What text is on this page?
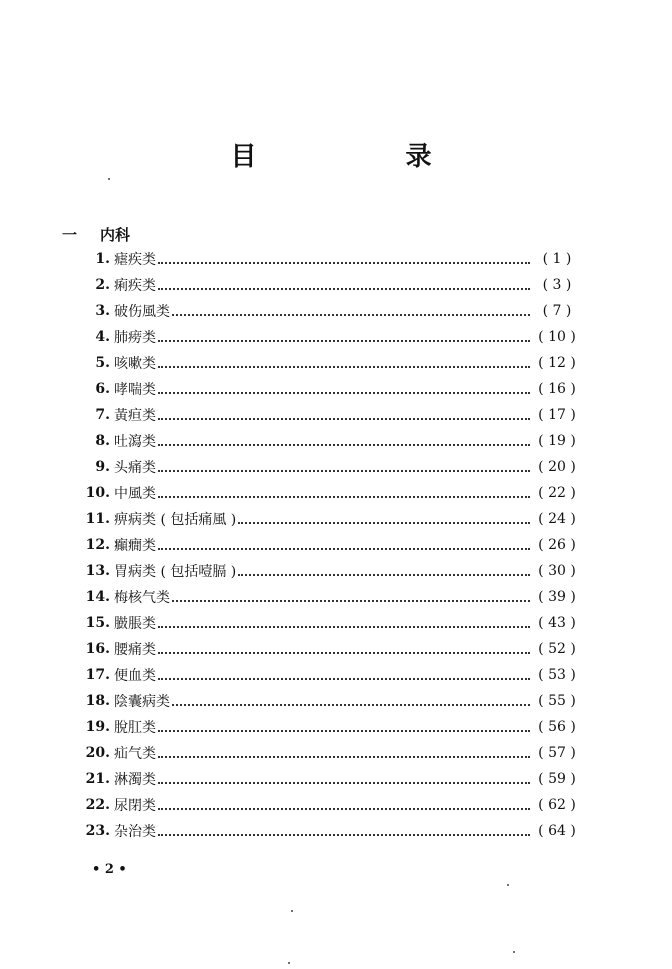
目 录
一 内科
1. 瘧疾类	( 1 )
2. 痢疾类	( 3 )
3. 破伤風类	( 7 )
4. 肺痨类	( 10 )
5. 咳嗽类	( 12 )
6. 哮喘类	( 16 )
7. 黃疸类	( 17 )
8. 吐瀉类	( 19 )
9. 头痛类	( 20 )
10. 中風类	( 22 )
11. 痹病类 ( 包括痛風 )	( 24 )
12. 癲癇类	( 26 )
13. 胃病类 ( 包括噎膈 )	( 30 )
14. 梅核气类	( 39 )
15. 臌脹类	( 43 )
16. 腰痛类	( 52 )
17. 便血类	( 53 )
18. 陰囊病类	( 55 )
19. 脫肛类	( 56 )
20. 疝气类	( 57 )
21. 淋濁类	( 59 )
22. 尿閉类	( 62 )
23. 杂治类	( 64 )
• 2 •
